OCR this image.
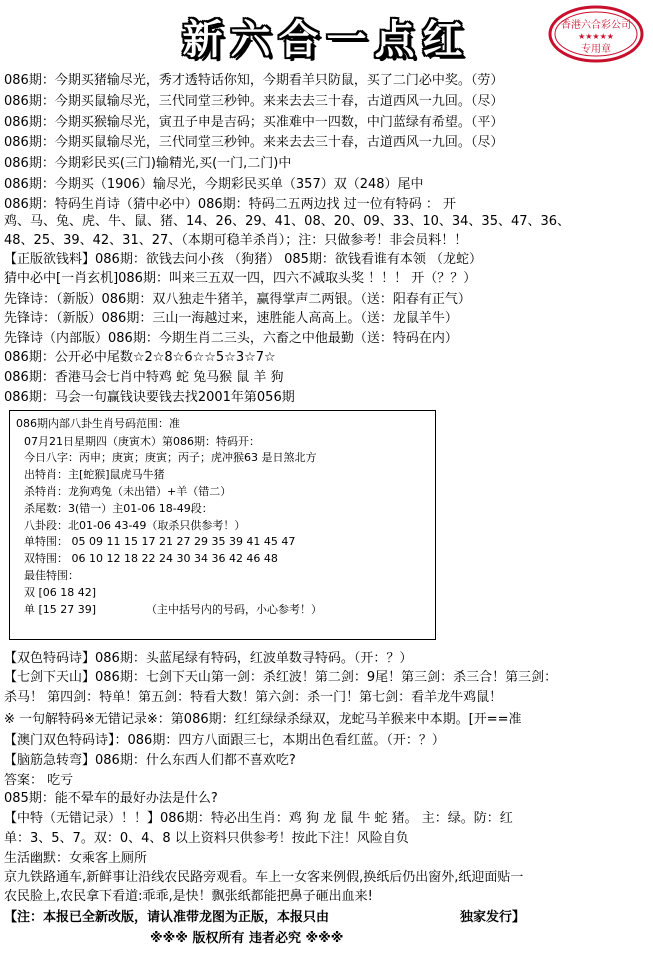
新六合一点红	香港六合彩公司
★★★★★
专用章
086期：今期买猪输尽光，秀才透特话你知，今期看羊只防鼠，买了二门必中奖。（劳）
086期：今期买鼠输尽光，三代同堂三秒钟。来来去去三十春，古道西风一九回。（尽）
086期：今期买猴输尽光，寅丑子申是吉码；买准难中一四数，中门蓝绿有希望。（平）
086期：今期买鼠输尽光，三代同堂三秒钟。来来去去三十春，古道西风一九回。（尽）
086期：今期彩民买(三门)输精光,买(一门,二门)中
086期：今期买（1906）输尽光，今期彩民买单（357）双（248）尾中
086期：特码生肖诗（猜中必中）086期：特码二五两边找 过一位有特码 ： 开
鸡、马、兔、虎、牛、鼠、猪、14、26、29、41、08、20、09、33、10、34、35、47、36、
48、25、39、42、31、27、（本期可稳羊杀肖）；注：只做参考！非会员料！！
【正版欲钱料】086期：欲钱去问小孩 （狗猪） 085期：欲钱看谁有本领 （龙蛇）
猜中必中[一肖玄机]086期：叫来三五双一四，四六不减取头奖 ！！！ 开（？？）
先锋诗：（新版）086期：双八独走牛猪羊，赢得掌声二两银。（送：阳春有正气）
先锋诗：（新版）086期：三山一海越过来，速胜能人高高上。（送：龙鼠羊牛）
先锋诗（内部版）086期：今期生肖二三头，六畜之中他最勤（送：特码在内）
086期：公开必中尾数☆2☆8☆6☆☆5☆3☆7☆
086期：香港马会七肖中特鸡 蛇 兔马猴 鼠 羊 狗
086期：马会一句赢钱诀要钱去找2001年第056期
086期内部八卦生肖号码范围：准
07月21日星期四（庚寅木）第086期：特码开：
今日八字：丙申；庚寅；庚寅；丙子；虎冲猴63 是日煞北方
出特肖：主[蛇猴]鼠虎马牛猪
杀特肖：龙狗鸡兔（未出错）+羊（错二）
杀尾数：3(错一）主01-06 18-49段：
八卦段：北01-06 43-49（取杀只供参考！）
单特围： 05 09 11 15 17 21 27 29 35 39 41 45 47
双特围： 06 10 12 18 22 24 30 34 36 42 46 48
最佳特围：
双 [06 18 42]
单 [15 27 39]	（主中括号内的号码，小心参考！）
【双色特码诗】086期：头蓝尾绿有特码，红波单数寻特码。（开：？）
【七剑下天山】086期：七剑下天山第一剑：杀红波！第二剑：9尾！第三剑：杀三合！第三剑：
杀马！ 第四剑：特单！第五剑：特看大数！第六剑：杀一门！第七剑：看羊龙牛鸡鼠！
※ 一句解特码※无错记录※：第086期：红红绿绿杀绿双，龙蛇马羊猴来中本期。[开==准
【澳门双色特码诗】：086期：四方八面跟三七，本期出色看红蓝。（开：？）
【脑筋急转弯】086期：什么东西人们都不喜欢吃?
答案： 吃亏
085期：能不晕车的最好办法是什么?
【中特（无错记录）！！】086期：特必出生肖：鸡 狗 龙 鼠 牛 蛇 猪。 主：绿。防：红
单：3、5、7。双：0、4、8 以上资料只供参考！按此下注！风险自负
生活幽默：女乘客上厕所
京九铁路通车,新鲜事让沿线农民路旁观看。车上一女客来例假,换纸后仍出窗外,纸迎面贴一
农民脸上,农民拿下看道:乖乖,是快！飘张纸都能把鼻子砸出血来!
【注：本报已全新改版，请认准带龙图为正版，本报只由	独家发行】
※※※ 版权所有 违者必究 ※※※
